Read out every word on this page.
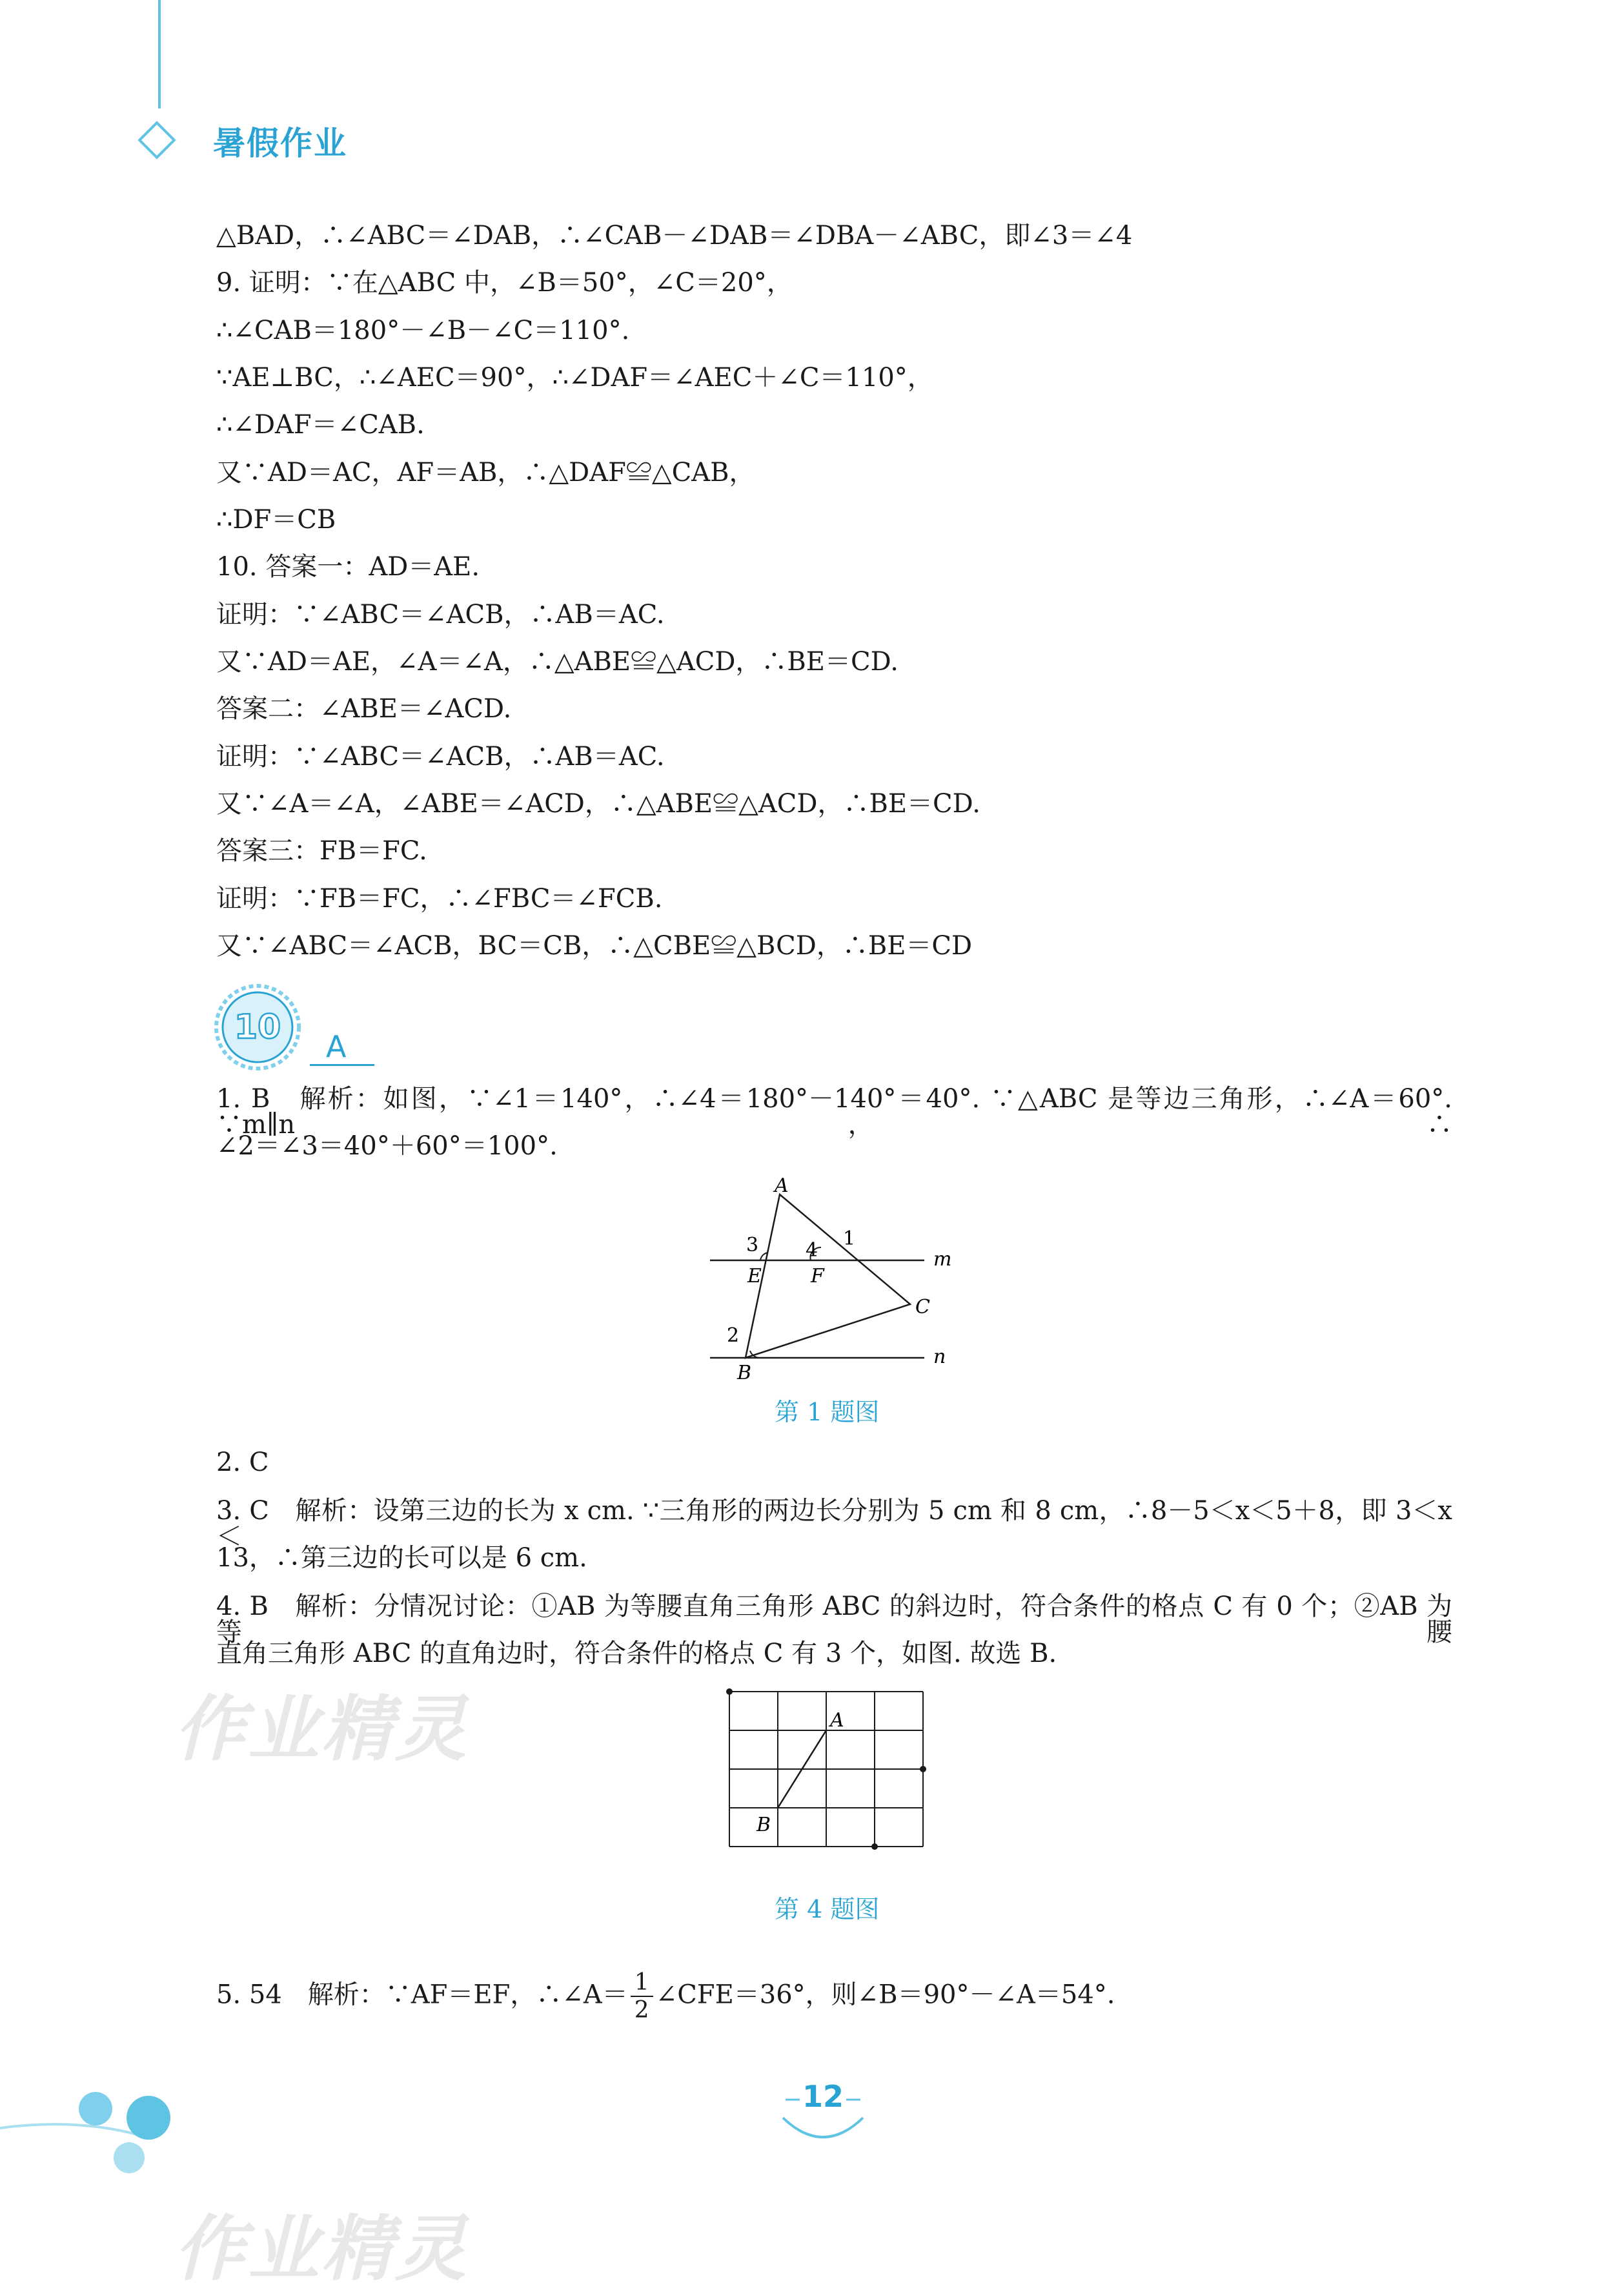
暑假作业
△BAD，∴∠ABC＝∠DAB，∴∠CAB－∠DAB＝∠DBA－∠ABC，即∠3＝∠4
9. 证明：∵在△ABC 中，∠B＝50°，∠C＝20°，
∴∠CAB＝180°－∠B－∠C＝110°.
∵AE⊥BC，∴∠AEC＝90°，∴∠DAF＝∠AEC＋∠C＝110°，
∴∠DAF＝∠CAB.
又∵AD＝AC，AF＝AB，∴△DAF≌△CAB，
∴DF＝CB
10. 答案一：AD＝AE.
证明：∵∠ABC＝∠ACB，∴AB＝AC.
又∵AD＝AE，∠A＝∠A，∴△ABE≌△ACD，∴BE＝CD.
答案二：∠ABE＝∠ACD.
证明：∵∠ABC＝∠ACB，∴AB＝AC.
又∵∠A＝∠A，∠ABE＝∠ACD，∴△ABE≌△ACD，∴BE＝CD.
答案三：FB＝FC.
证明：∵FB＝FC，∴∠FBC＝∠FCB.
又∵∠ABC＝∠ACB，BC＝CB，∴△CBE≌△BCD，∴BE＝CD
10 A
1. B　解析：如图，∵∠1＝140°，∴∠4＝180°－140°＝40°. ∵△ABC 是等边三角形，∴∠A＝60°. ∵m∥n，∴
∠2＝∠3＝40°＋60°＝100°.
A
B
C
E	F
m
n
1
2
3 4
第 1 题图
2. C
3. C　解析：设第三边的长为 x cm. ∵三角形的两边长分别为 5 cm 和 8 cm，∴8－5＜x＜5＋8，即 3＜x＜
13，∴第三边的长可以是 6 cm.
4. B　解析：分情况讨论：①AB 为等腰直角三角形 ABC 的斜边时，符合条件的格点 C 有 0 个；②AB 为等腰
直角三角形 ABC 的直角边时，符合条件的格点 C 有 3 个，如图. 故选 B.
A
B
第 4 题图
5. 54　解析：∵AF＝EF，∴∠A＝ $\frac{1}{2}$ ∠CFE＝36°，则∠B＝90°－∠A＝54°.
12
作业精灵
作业精灵
